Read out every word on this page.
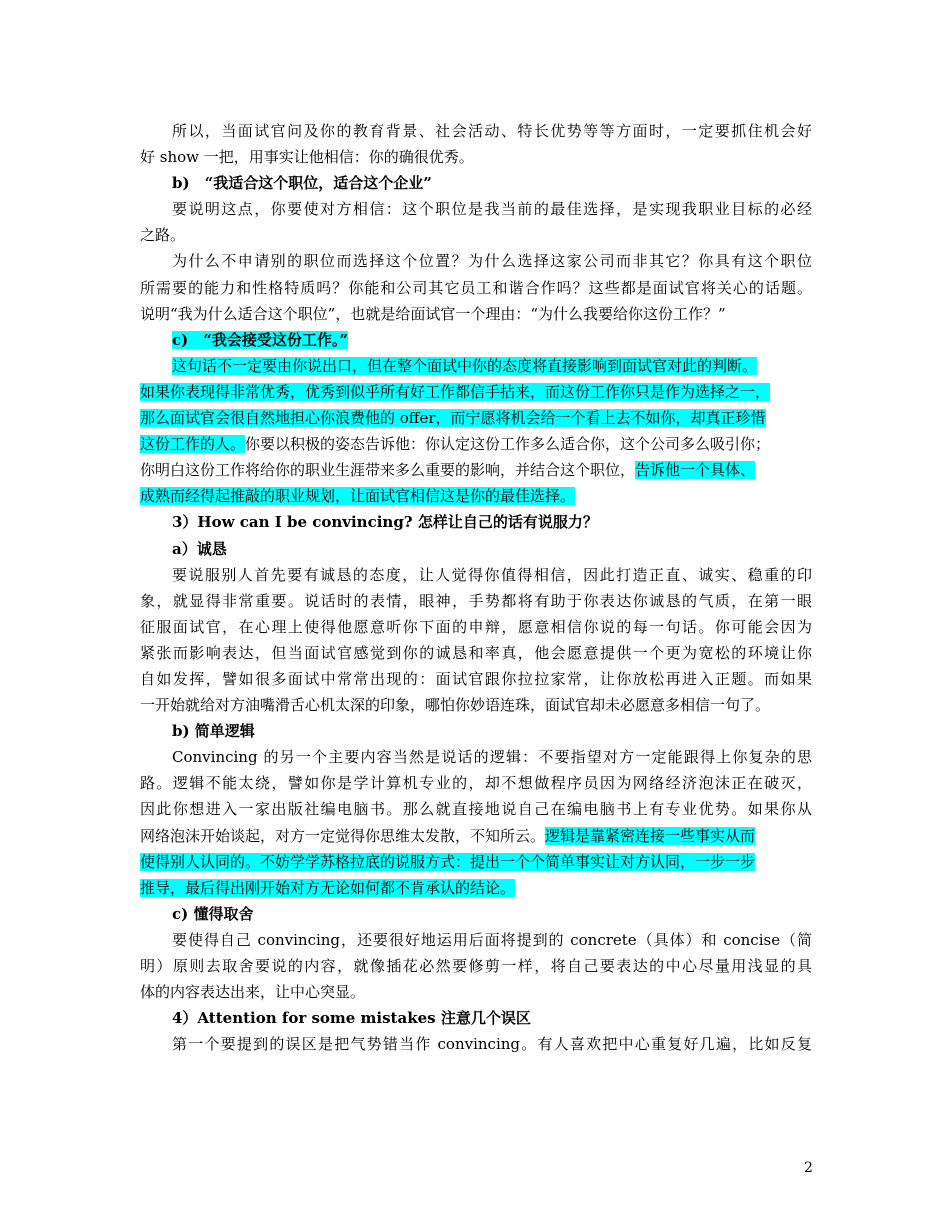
所以，当面试官问及你的教育背景、社会活动、特长优势等等方面时，一定要抓住机会好
好 show 一把，用事实让他相信：你的确很优秀。
b)　“我适合这个职位，适合这个企业”
要说明这点，你要使对方相信：这个职位是我当前的最佳选择，是实现我职业目标的必经
之路。
为什么不申请别的职位而选择这个位置？为什么选择这家公司而非其它？你具有这个职位
所需要的能力和性格特质吗？你能和公司其它员工和谐合作吗？这些都是面试官将关心的话题。
说明“我为什么适合这个职位”，也就是给面试官一个理由：“为什么我要给你这份工作？”
c)　“我会接受这份工作。”
这句话不一定要由你说出口，但在整个面试中你的态度将直接影响到面试官对此的判断。
如果你表现得非常优秀，优秀到似乎所有好工作都信手拈来，而这份工作你只是作为选择之一，
那么面试官会很自然地担心你浪费他的 offer，而宁愿将机会给一个看上去不如你，却真正珍惜
这份工作的人。你要以积极的姿态告诉他：你认定这份工作多么适合你，这个公司多么吸引你；
你明白这份工作将给你的职业生涯带来多么重要的影响，并结合这个职位，告诉他一个具体、
成熟而经得起推敲的职业规划，让面试官相信这是你的最佳选择。
3）How can I be convincing? 怎样让自己的话有说服力？
a）诚恳
要说服别人首先要有诚恳的态度，让人觉得你值得相信，因此打造正直、诚实、稳重的印
象，就显得非常重要。说话时的表情，眼神，手势都将有助于你表达你诚恳的气质，在第一眼
征服面试官，在心理上使得他愿意听你下面的申辩，愿意相信你说的每一句话。你可能会因为
紧张而影响表达，但当面试官感觉到你的诚恳和率真，他会愿意提供一个更为宽松的环境让你
自如发挥，譬如很多面试中常常出现的：面试官跟你拉拉家常，让你放松再进入正题。而如果
一开始就给对方油嘴滑舌心机太深的印象，哪怕你妙语连珠，面试官却未必愿意多相信一句了。
b) 简单逻辑
Convincing 的另一个主要内容当然是说话的逻辑：不要指望对方一定能跟得上你复杂的思
路。逻辑不能太绕，譬如你是学计算机专业的，却不想做程序员因为网络经济泡沫正在破灭，
因此你想进入一家出版社编电脑书。那么就直接地说自己在编电脑书上有专业优势。如果你从
网络泡沫开始谈起，对方一定觉得你思维太发散，不知所云。逻辑是靠紧密连接一些事实从而
使得别人认同的。不妨学学苏格拉底的说服方式：提出一个个简单事实让对方认同，一步一步
推导，最后得出刚开始对方无论如何都不肯承认的结论。
c) 懂得取舍
要使得自己 convincing，还要很好地运用后面将提到的 concrete（具体）和 concise（简
明）原则去取舍要说的内容，就像插花必然要修剪一样，将自己要表达的中心尽量用浅显的具
体的内容表达出来，让中心突显。
4）Attention for some mistakes 注意几个误区
第一个要提到的误区是把气势错当作 convincing。有人喜欢把中心重复好几遍，比如反复
2
